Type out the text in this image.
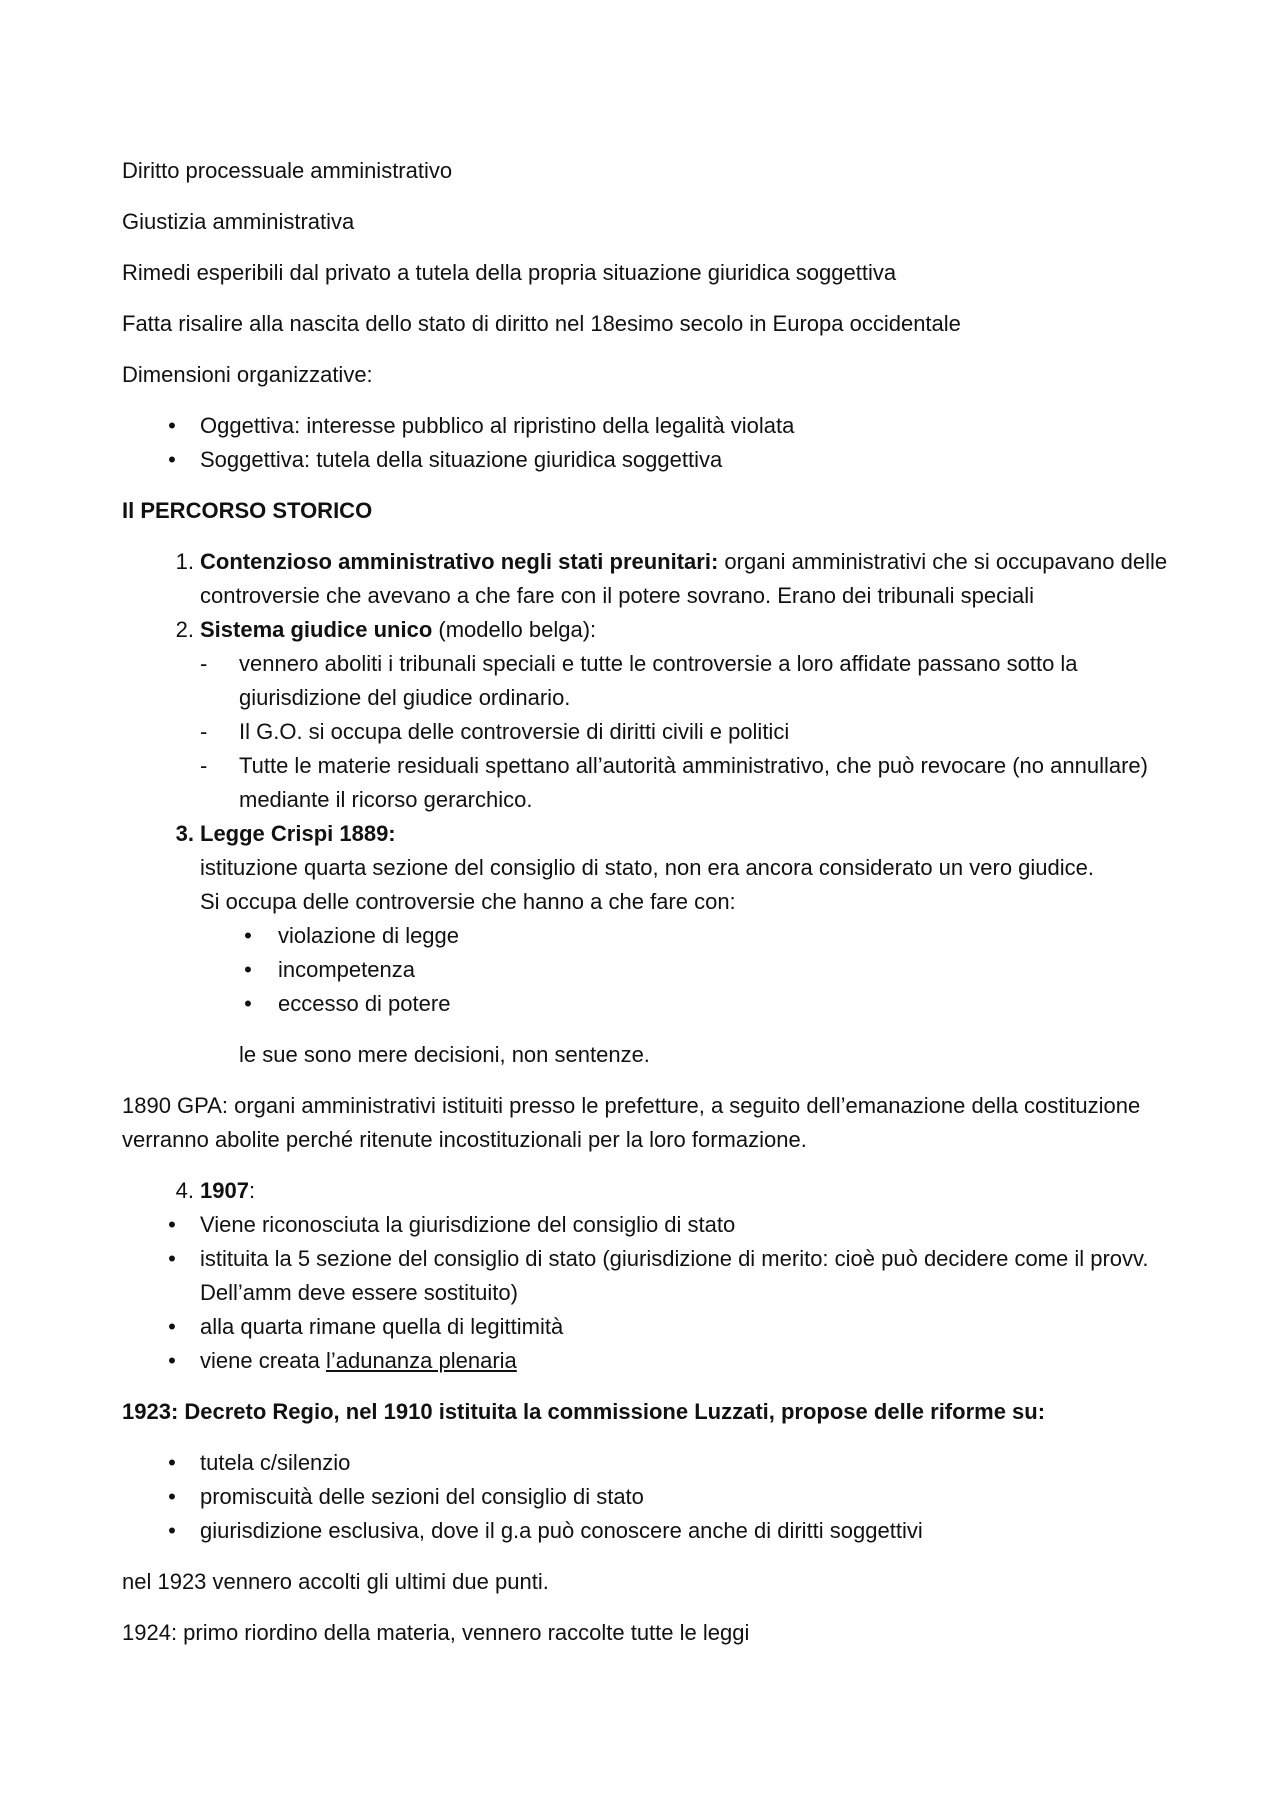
Diritto processuale amministrativo

Giustizia amministrativa

Rimedi esperibili dal privato a tutela della propria situazione giuridica soggettiva

Fatta risalire alla nascita dello stato di diritto nel 18esimo secolo in Europa occidentale

Dimensioni organizzative:

• Oggettiva: interesse pubblico al ripristino della legalità violata
• Soggettiva: tutela della situazione giuridica soggettiva

Il PERCORSO STORICO

1. Contenzioso amministrativo negli stati preunitari: organi amministrativi che si occupavano delle controversie che avevano a che fare con il potere sovrano. Erano dei tribunali speciali
2. Sistema giudice unico (modello belga):
- vennero aboliti i tribunali speciali e tutte le controversie a loro affidate passano sotto la giurisdizione del giudice ordinario.
- Il G.O. si occupa delle controversie di diritti civili e politici
- Tutte le materie residuali spettano all’autorità amministrativo, che può revocare (no annullare) mediante il ricorso gerarchico.
3. Legge Crispi 1889:

istituzione quarta sezione del consiglio di stato, non era ancora considerato un vero giudice.

Si occupa delle controversie che hanno a che fare con:

• violazione di legge
• incompetenza
• eccesso di potere

le sue sono mere decisioni, non sentenze.

1890 GPA: organi amministrativi istituiti presso le prefetture, a seguito dell’emanazione della costituzione verranno abolite perché ritenute incostituzionali per la loro formazione.

4. 1907:
• Viene riconosciuta la giurisdizione del consiglio di stato
• istituita la 5 sezione del consiglio di stato (giurisdizione di merito: cioè può decidere come il provv. Dell’amm deve essere sostituito)
• alla quarta rimane quella di legittimità
• viene creata l’adunanza plenaria

1923: Decreto Regio, nel 1910 istituita la commissione Luzzati, propose delle riforme su:

• tutela c/silenzio
• promiscuità delle sezioni del consiglio di stato
• giurisdizione esclusiva, dove il g.a può conoscere anche di diritti soggettivi

nel 1923 vennero accolti gli ultimi due punti.

1924: primo riordino della materia, vennero raccolte tutte le leggi
